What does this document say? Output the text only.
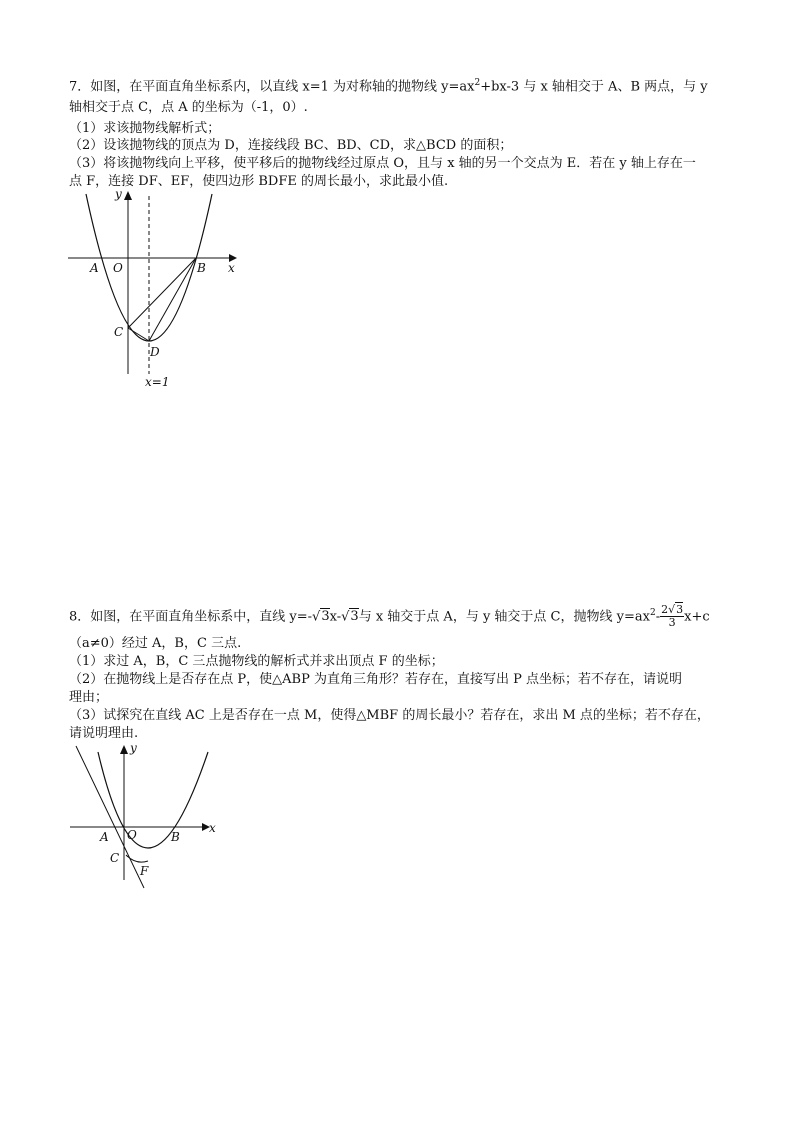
7．如图，在平面直角坐标系内，以直线 x=1 为对称轴的抛物线 $y=ax^2+bx-3$ 与 x 轴相交于 A、B 两点，与 y
轴相交于点 C，点 A 的坐标为（-1，0）.
（1）求该抛物线解析式；
（2）设该抛物线的顶点为 D，连接线段 BC、BD、CD，求△BCD 的面积；
（3）将该抛物线向上平移，使平移后的抛物线经过原点 O，且与 x 轴的另一个交点为 E．若在 y 轴上存在一
点 F，连接 DF、EF，使四边形 BDFE 的周长最小，求此最小值.
y
x
A O	B
C
D
x=1
8．如图，在平面直角坐标系中，直线 y=-√3x-√3与 x 轴交于点 A，与 y 轴交于点 C，抛物线 $y=ax^2- \frac{2√3}{3} x+c$
（a≠0）经过 A，B，C 三点.
（1）求过 A，B，C 三点抛物线的解析式并求出顶点 F 的坐标；
（2）在抛物线上是否存在点 P，使△ABP 为直角三角形？若存在，直接写出 P 点坐标；若不存在，请说明
理由；
（3）试探究在直线 AC 上是否存在一点 M，使得△MBF 的周长最小？若存在，求出 M 点的坐标；若不存在，
请说明理由.
y
x
A O	B
C
F
